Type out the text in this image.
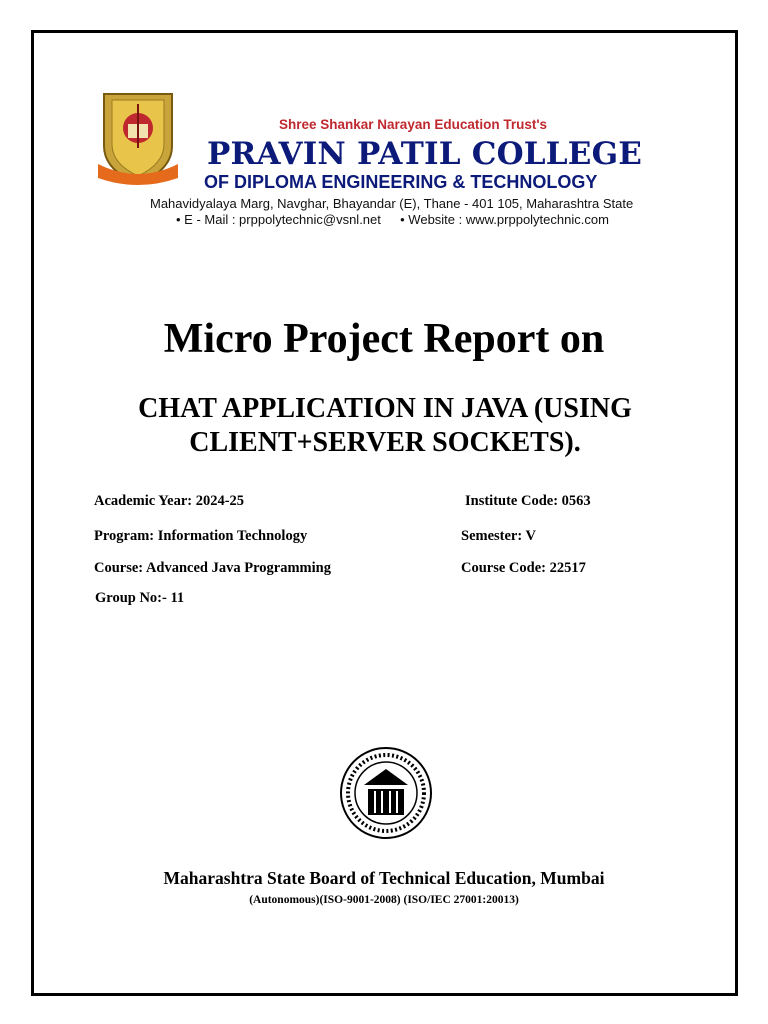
Shree Shankar Narayan Education Trust's
PRAVIN PATIL COLLEGE
OF DIPLOMA ENGINEERING & TECHNOLOGY
Mahavidyalaya Marg, Navghar, Bhayandar (E), Thane - 401 105, Maharashtra State
• E - Mail : prppolytechnic@vsnl.net • Website : www.prppolytechnic.com
Micro Project Report on
CHAT APPLICATION IN JAVA (USING
CLIENT+SERVER SOCKETS).
Academic Year: 2024-25	Institute Code: 0563
Program: Information Technology	Semester: V
Course: Advanced Java Programming	Course Code: 22517
Group No:- 11
Maharashtra State Board of Technical Education, Mumbai
(Autonomous)(ISO-9001-2008) (ISO/IEC 27001:20013)
